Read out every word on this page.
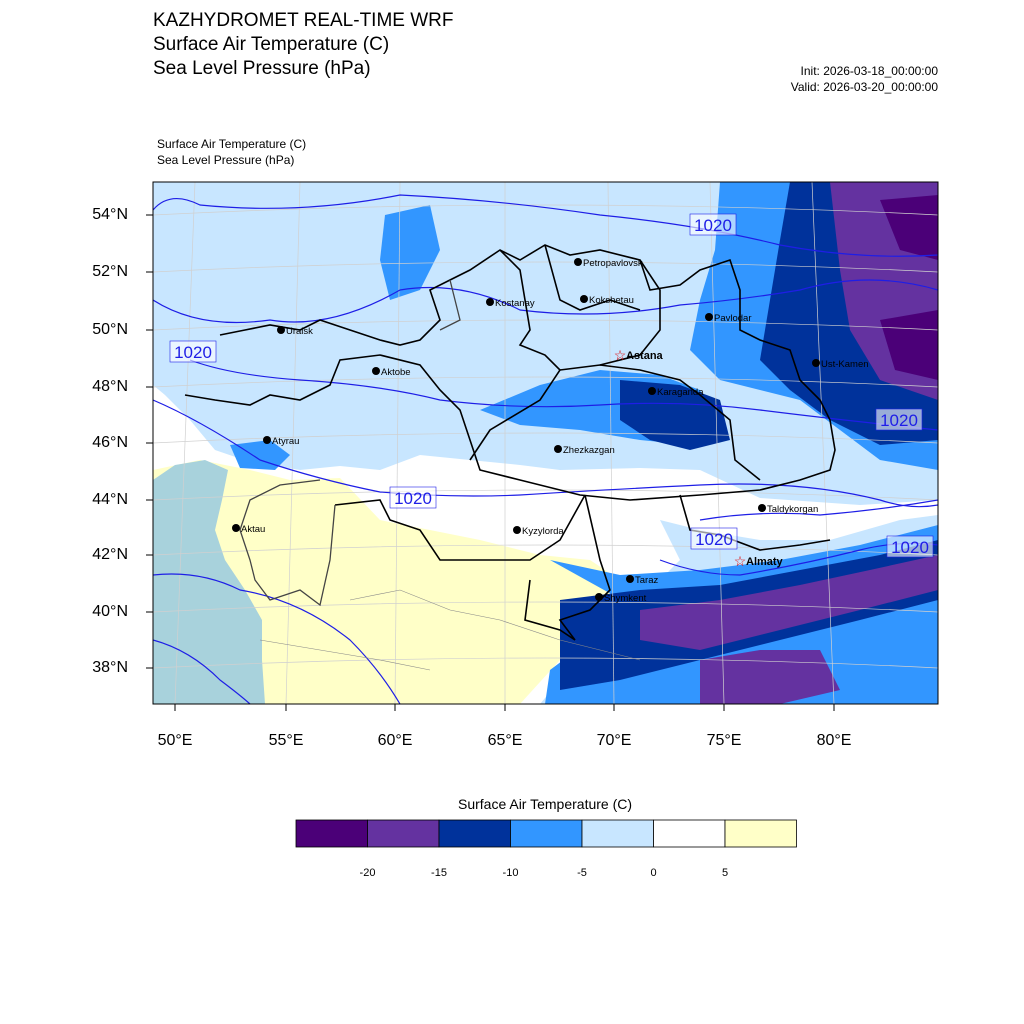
KAZHYDROMET REAL-TIME WRF
Surface Air Temperature (C)
Sea Level Pressure (hPa)	Init: 2026-03-18_00:00:00
Valid: 2026-03-20_00:00:00
Surface Air Temperature (C)
Sea Level Pressure (hPa)
1020
1020
1020
1020
1020
1020
Petropavlovsk
Kostanay	Kokshetau
Uralsk
Pavlodar
☆ Astana
Aktobe
Ust-Kamen
Karaganda
Atyrau
Zhezkazgan
Aktau	Kyzylorda
Taldykorgan
☆ Almaty
Taraz
Shymkent
54°N
52°N
50°N
48°N
46°N
44°N
42°N
40°N
38°N
50°E	55°E	60°E	65°E	70°E	75°E	80°E
Surface Air Temperature (C)
-20	-15	-10	-5	0	5
